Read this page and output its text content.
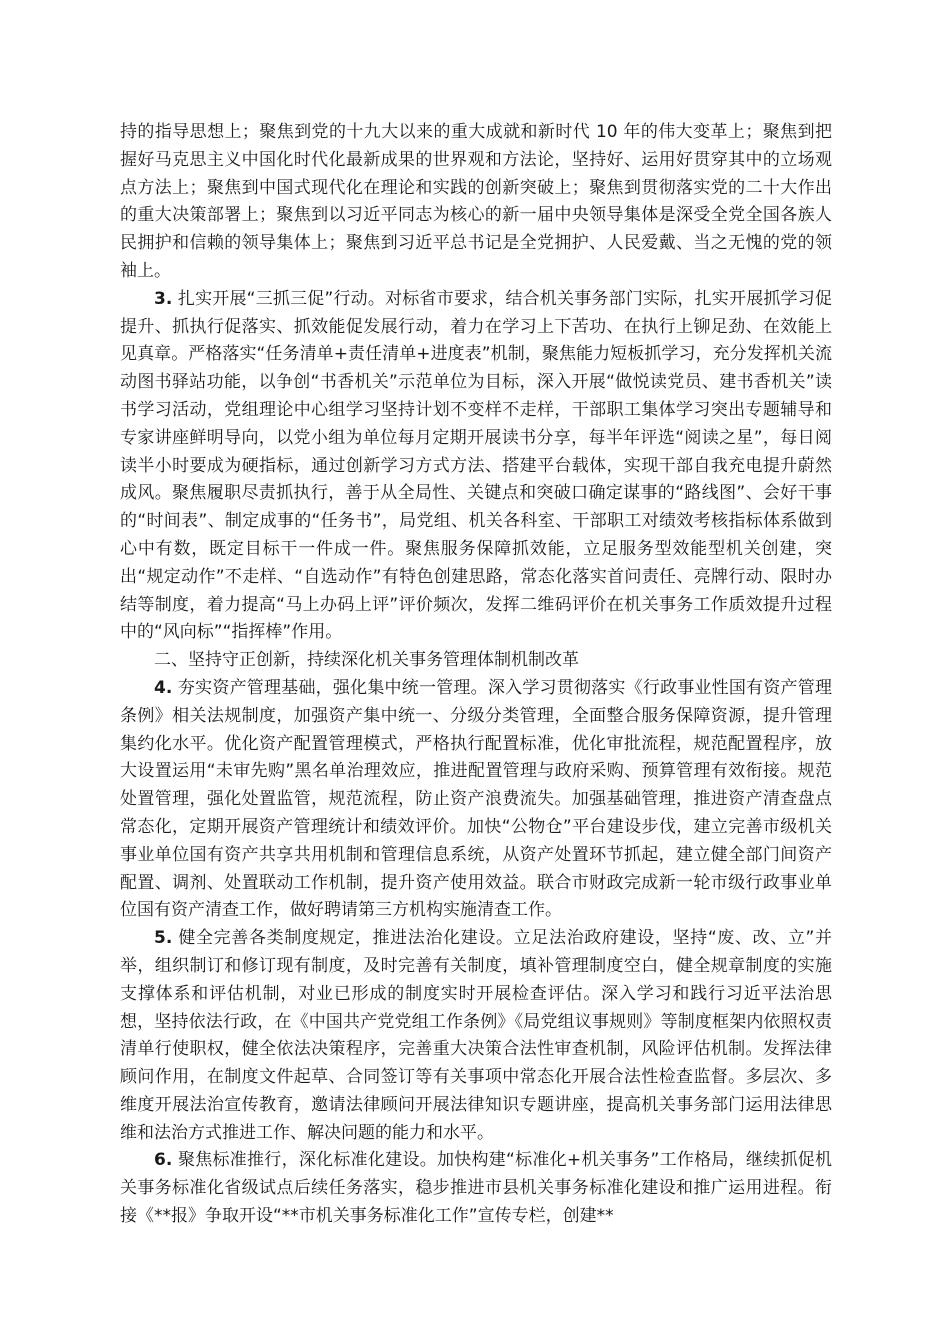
持的指导思想上；聚焦到党的十九大以来的重大成就和新时代 10 年的伟大变革上；聚焦到把握好马克思主义中国化时代化最新成果的世界观和方法论，坚持好、运用好贯穿其中的立场观点方法上；聚焦到中国式现代化在理论和实践的创新突破上；聚焦到贯彻落实党的二十大作出的重大决策部署上；聚焦到以习近平同志为核心的新一届中央领导集体是深受全党全国各族人民拥护和信赖的领导集体上；聚焦到习近平总书记是全党拥护、人民爱戴、当之无愧的党的领袖上。

3. 扎实开展“三抓三促”行动。对标省市要求，结合机关事务部门实际，扎实开展抓学习促提升、抓执行促落实、抓效能促发展行动，着力在学习上下苦功、在执行上铆足劲、在效能上见真章。严格落实“任务清单+责任清单+进度表”机制，聚焦能力短板抓学习，充分发挥机关流动图书驿站功能，以争创“书香机关”示范单位为目标，深入开展“做悦读党员、建书香机关”读书学习活动，党组理论中心组学习坚持计划不变样不走样，干部职工集体学习突出专题辅导和专家讲座鲜明导向，以党小组为单位每月定期开展读书分享，每半年评选“阅读之星”，每日阅读半小时要成为硬指标，通过创新学习方式方法、搭建平台载体，实现干部自我充电提升蔚然成风。聚焦履职尽责抓执行，善于从全局性、关键点和突破口确定谋事的“路线图”、会好干事的“时间表”、制定成事的“任务书”，局党组、机关各科室、干部职工对绩效考核指标体系做到心中有数，既定目标干一件成一件。聚焦服务保障抓效能，立足服务型效能型机关创建，突出“规定动作”不走样、“自选动作”有特色创建思路，常态化落实首问责任、亮牌行动、限时办结等制度，着力提高“马上办码上评”评价频次，发挥二维码评价在机关事务工作质效提升过程中的“风向标”“指挥棒”作用。

二、坚持守正创新，持续深化机关事务管理体制机制改革

4. 夯实资产管理基础，强化集中统一管理。深入学习贯彻落实《行政事业性国有资产管理条例》相关法规制度，加强资产集中统一、分级分类管理，全面整合服务保障资源，提升管理集约化水平。优化资产配置管理模式，严格执行配置标准，优化审批流程，规范配置程序，放大设置运用“未审先购”黑名单治理效应，推进配置管理与政府采购、预算管理有效衔接。规范处置管理，强化处置监管，规范流程，防止资产浪费流失。加强基础管理，推进资产清查盘点常态化，定期开展资产管理统计和绩效评价。加快“公物仓”平台建设步伐，建立完善市级机关事业单位国有资产共享共用机制和管理信息系统，从资产处置环节抓起，建立健全部门间资产配置、调剂、处置联动工作机制，提升资产使用效益。联合市财政完成新一轮市级行政事业单位国有资产清查工作，做好聘请第三方机构实施清查工作。

5. 健全完善各类制度规定，推进法治化建设。立足法治政府建设，坚持“废、改、立”并举，组织制订和修订现有制度，及时完善有关制度，填补管理制度空白，健全规章制度的实施支撑体系和评估机制，对业已形成的制度实时开展检查评估。深入学习和践行习近平法治思想，坚持依法行政，在《中国共产党党组工作条例》《局党组议事规则》等制度框架内依照权责清单行使职权，健全依法决策程序，完善重大决策合法性审查机制，风险评估机制。发挥法律顾问作用，在制度文件起草、合同签订等有关事项中常态化开展合法性检查监督。多层次、多维度开展法治宣传教育，邀请法律顾问开展法律知识专题讲座，提高机关事务部门运用法律思维和法治方式推进工作、解决问题的能力和水平。

6. 聚焦标准推行，深化标准化建设。加快构建“标准化+机关事务”工作格局，继续抓促机关事务标准化省级试点后续任务落实，稳步推进市县机关事务标准化建设和推广运用进程。衔接《**报》争取开设“**市机关事务标准化工作”宣传专栏，创建**
